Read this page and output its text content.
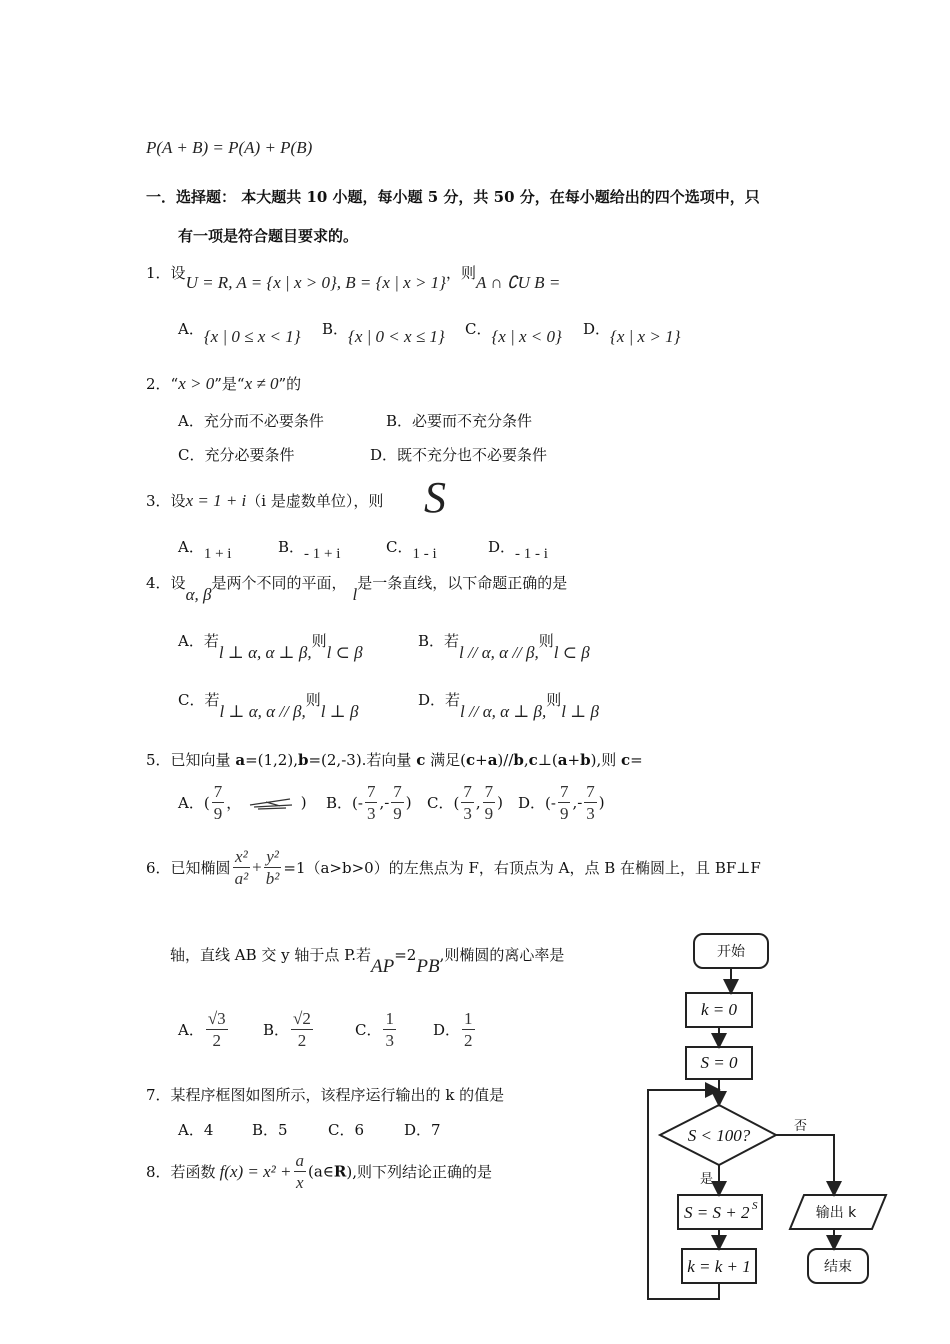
P(A + B) = P(A) + P(B)
一．选择题： 本大题共 10 小题，每小题 5 分，共 50 分，在每小题给出的四个选项中，只
有一项是符合题目要求的。
1．设U = R, A = {x | x > 0}, B = {x | x > 1}，则A ∩ ∁U B =
A．{x | 0 ≤ x < 1} B．{x | 0 < x ≤ 1} C．{x | x < 0} D．{x | x > 1}
2．“x > 0”是“x ≠ 0”的
A．充分而不必要条件	B．必要而不充分条件
C．充分必要条件	D．既不充分也不必要条件
3．设x = 1 + i（i 是虚数单位），则 S
A．1 + i	B．- 1 + i	C．1 - i	D．- 1 - i
4．设α, β是两个不同的平面，l是一条直线，以下命题正确的是
A．若l ⊥ α, α ⊥ β,则l ⊂ β
B．若l // α, α // β,则l ⊂ β
C．若l ⊥ α, α // β,则l ⊥ β
D．若l // α, α ⊥ β,则l ⊥ β
5．已知向量 a=(1,2),b=(2,-3).若向量 c 满足(c+a)//b,c⊥(a+b),则 c=
A．( $\frac{7}{9}$ ，	) B．(- $\frac{7}{3}$ ,- $\frac{7}{9}$ ) C．( $\frac{7}{3}$ , $\frac{7}{9}$ ) D．(- $\frac{7}{9}$ ,- $\frac{7}{3}$ )
6．已知椭圆 $\frac{\text{x²}}{\text{a²}} + \frac{\text{y²}}{\text{b²}} =1(a>b>0)$的左焦点为 F，右顶点为 A，点 B 在椭圆上，且 BF⊥F
轴，直线 AB 交 y 轴于点 P.若AP=2PB,则椭圆的离心率是
A． $\frac{√3}{2}$ B． $\frac{√2}{2}$	C． $\frac{1}{3}$ D． $\frac{1}{2}$
7．某程序框图如图所示，该程序运行输出的 k 的值是
A．4	B．5	C．6	D．7
8．若函数 $f(x) = x^2 + \frac{a}{x}$ (a∈R),则下列结论正确的是
开始
k = 0
S = 0
S < 100?	否
是
S = S + 2 S
k = k + 1
输出 k
结束
